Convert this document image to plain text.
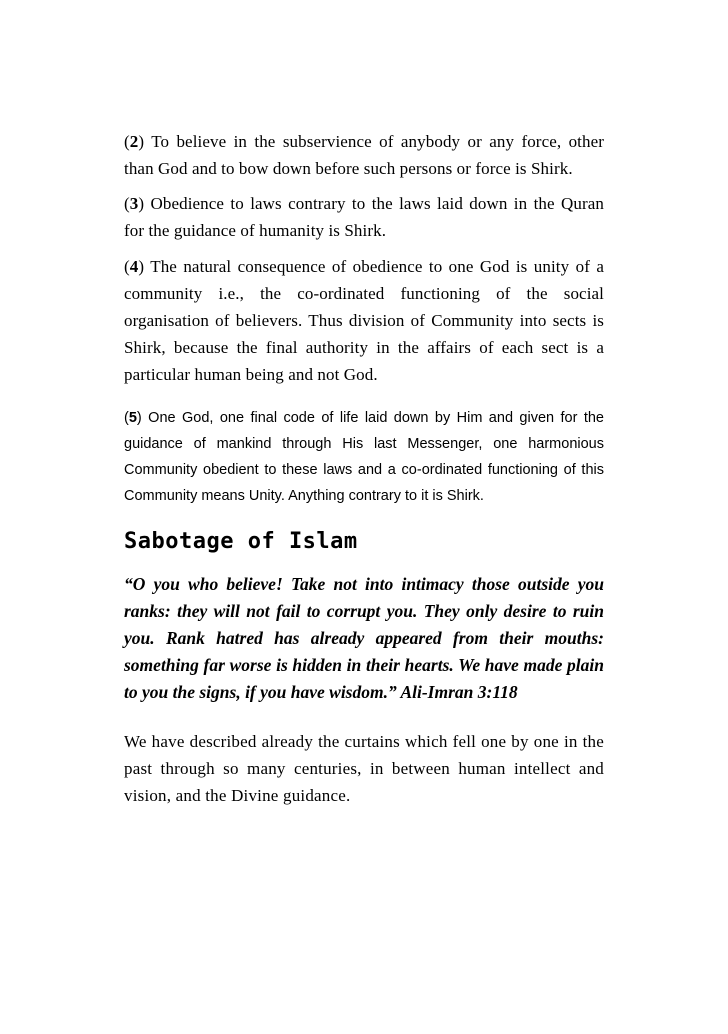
(2) To believe in the subservience of anybody or any force, other than God and to bow down before such persons or force is Shirk.

(3) Obedience to laws contrary to the laws laid down in the Quran for the guidance of humanity is Shirk.

(4) The natural consequence of obedience to one God is unity of a community i.e., the co-ordinated functioning of the social organisation of believers. Thus division of Community into sects is Shirk, because the final authority in the affairs of each sect is a particular human being and not God.

(5) One God, one final code of life laid down by Him and given for the guidance of mankind through His last Messenger, one harmonious Community obedient to these laws and a co-ordinated functioning of this Community means Unity. Anything contrary to it is Shirk.

Sabotage of Islam

“O you who believe! Take not into intimacy those outside you ranks: they will not fail to corrupt you. They only desire to ruin you. Rank hatred has already appeared from their mouths: something far worse is hidden in their hearts. We have made plain to you the signs, if you have wisdom.” Ali-Imran 3:118

We have described already the curtains which fell one by one in the past through so many centuries, in between human intellect and vision, and the Divine guidance.
